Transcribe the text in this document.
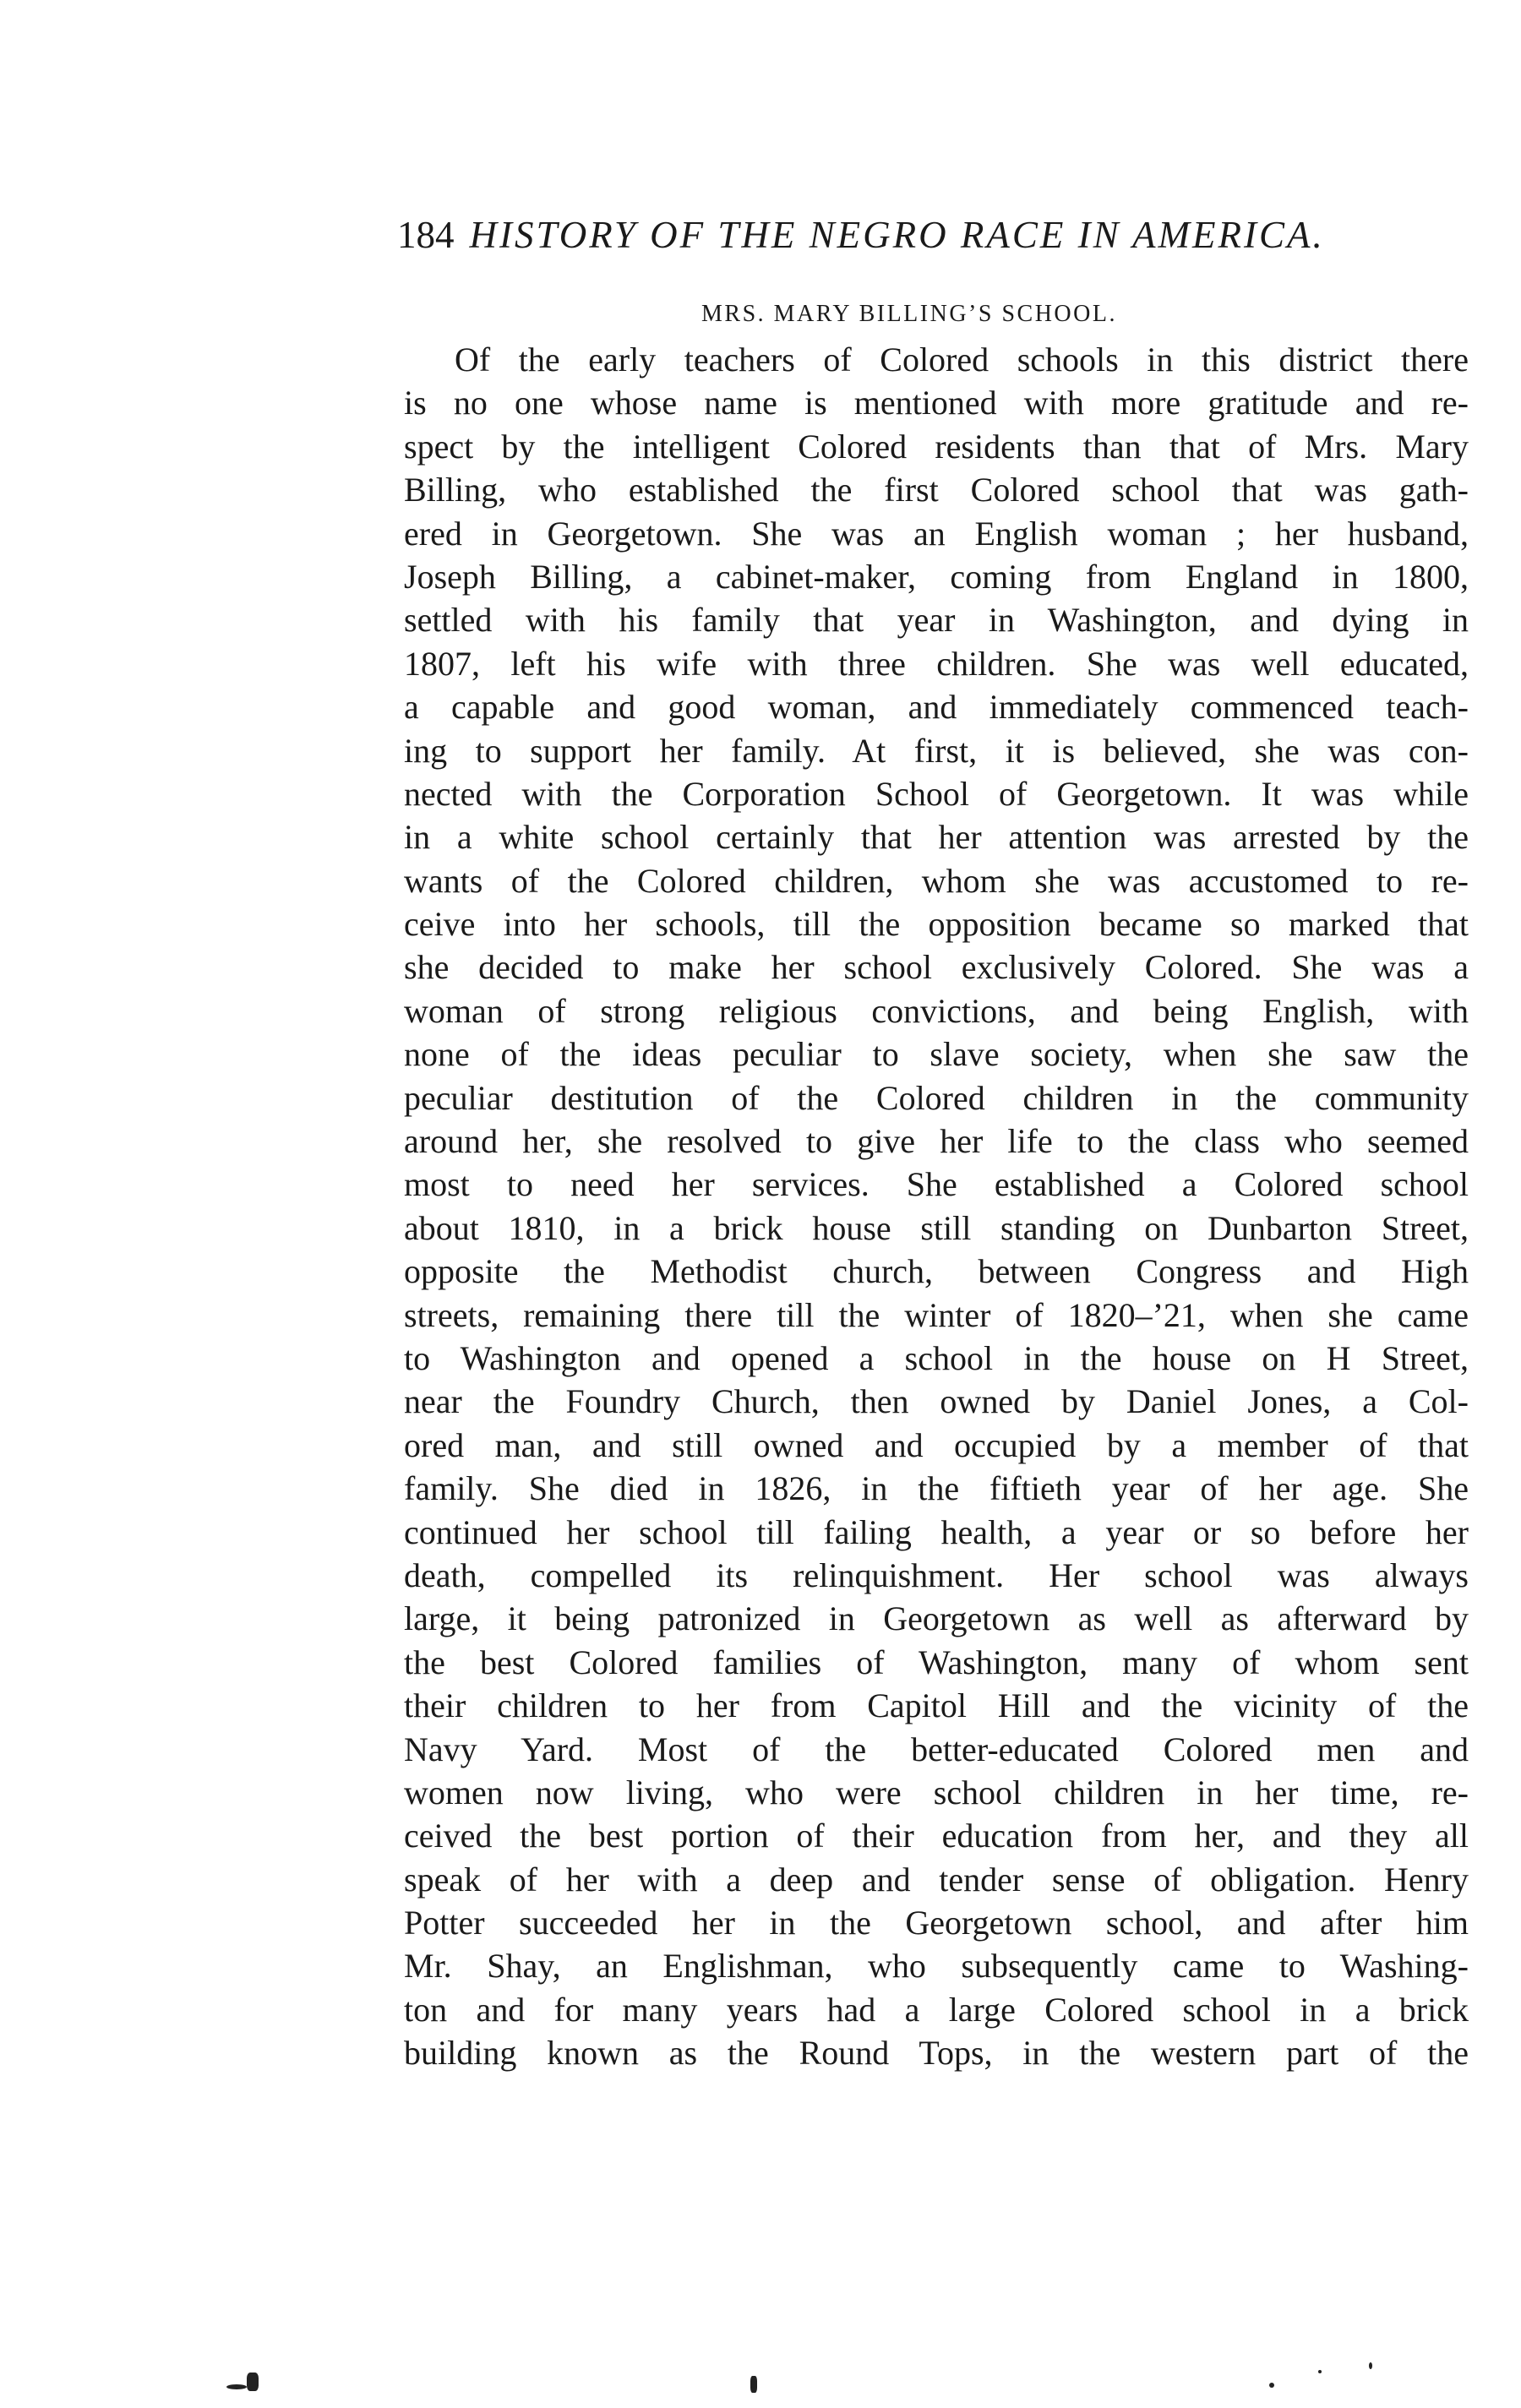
184 HISTORY OF THE NEGRO RACE IN AMERICA.
MRS. MARY BILLING’S SCHOOL.
Of the early teachers of Colored schools in this district there
is no one whose name is mentioned with more gratitude and re-
spect by the intelligent Colored residents than that of Mrs. Mary
Billing, who established the first Colored school that was gath-
ered in Georgetown. She was an English woman ; her husband,
Joseph Billing, a cabinet-maker, coming from England in 1800,
settled with his family that year in Washington, and dying in
1807, left his wife with three children. She was well educated,
a capable and good woman, and immediately commenced teach-
ing to support her family. At first, it is believed, she was con-
nected with the Corporation School of Georgetown. It was while
in a white school certainly that her attention was arrested by the
wants of the Colored children, whom she was accustomed to re-
ceive into her schools, till the opposition became so marked that
she decided to make her school exclusively Colored. She was a
woman of strong religious convictions, and being English, with
none of the ideas peculiar to slave society, when she saw the
peculiar destitution of the Colored children in the community
around her, she resolved to give her life to the class who seemed
most to need her services. She established a Colored school
about 1810, in a brick house still standing on Dunbarton Street,
opposite the Methodist church, between Congress and High
streets, remaining there till the winter of 1820–’21, when she came
to Washington and opened a school in the house on H Street,
near the Foundry Church, then owned by Daniel Jones, a Col-
ored man, and still owned and occupied by a member of that
family. She died in 1826, in the fiftieth year of her age. She
continued her school till failing health, a year or so before her
death, compelled its relinquishment. Her school was always
large, it being patronized in Georgetown as well as afterward by
the best Colored families of Washington, many of whom sent
their children to her from Capitol Hill and the vicinity of the
Navy Yard. Most of the better-educated Colored men and
women now living, who were school children in her time, re-
ceived the best portion of their education from her, and they all
speak of her with a deep and tender sense of obligation. Henry
Potter succeeded her in the Georgetown school, and after him
Mr. Shay, an Englishman, who subsequently came to Washing-
ton and for many years had a large Colored school in a brick
building known as the Round Tops, in the western part of the
